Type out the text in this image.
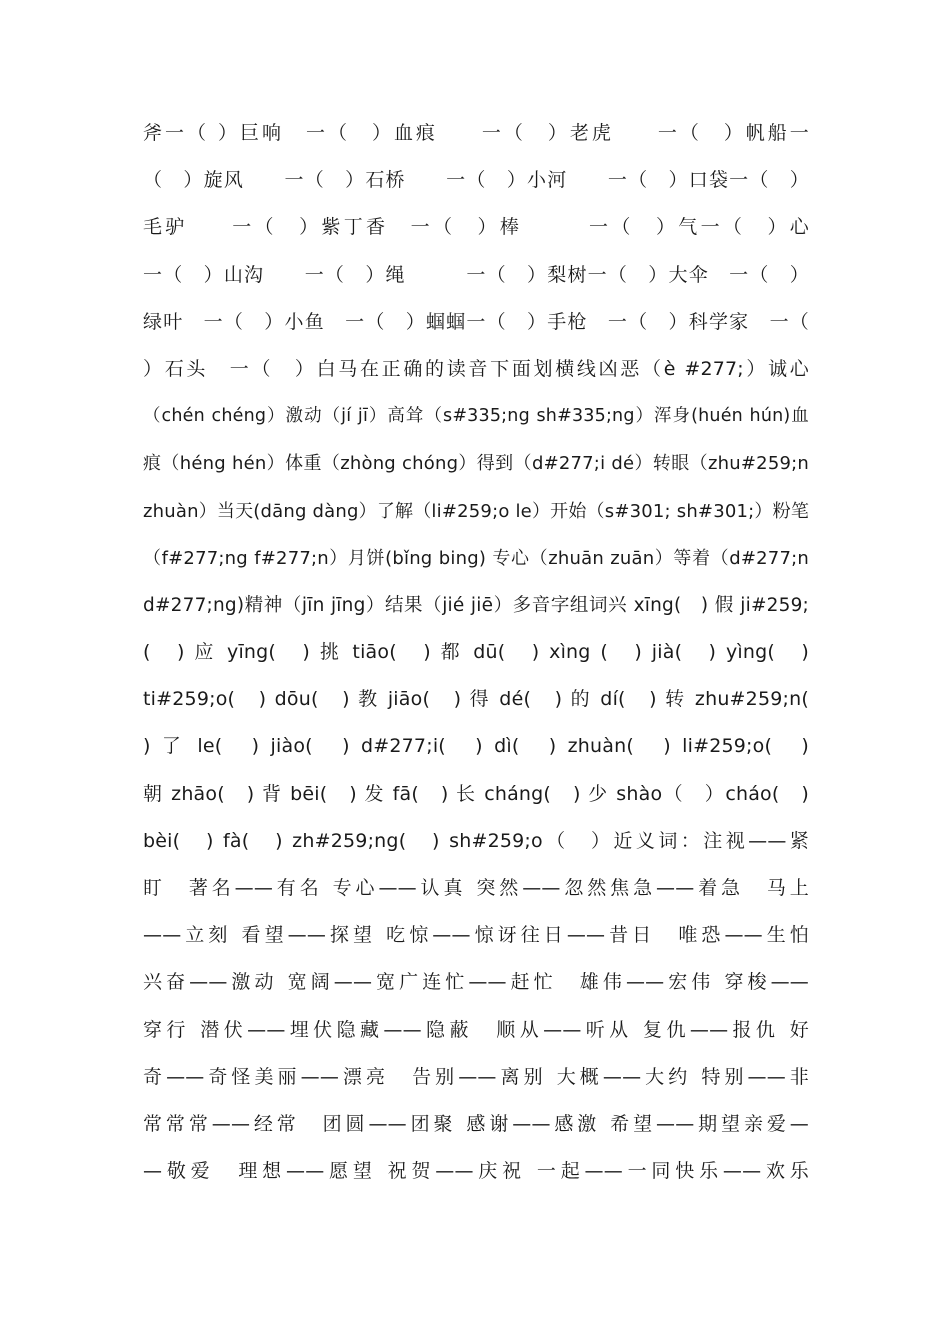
斧一（ ）巨响　一（　）血痕　　一（　）老虎　　一（　）帆船一
（　）旋风　　一（　）石桥　　一（　）小河　　一（　）口袋一（　）
毛驴　　一（　）紫丁香　一（　）棒　　　一（　）气一（　）心
一（　）山沟　　一（　）绳　　　一（　）梨树一（　）大伞　一（　）
绿叶　一（　）小鱼　一（　）蝈蝈一（　）手枪　一（　）科学家　一（
）石头　一（　）白马在正确的读音下面划横线凶恶（è #277;）诚心
（chén chéng）激动（jí jī）高耸（s#335;ng sh#335;ng）浑身(huén hún)血
痕（héng hén）体重（zhòng chóng）得到（d#277;i dé）转眼（zhu#259;n
zhuàn）当天(dāng dàng）了解（li#259;o le）开始（s#301; sh#301;）粉笔
（f#277;ng f#277;n）月饼(bǐng bing) 专心（zhuān zuān）等着（d#277;n
d#277;ng)精神（jīn jīng）结果（jié jiē）多音字组词兴 xīng(　) 假 ji#259;
(　) 应 yīng(　) 挑 tiāo(　) 都 dū(　) xìng (　) jià(　) yìng(　)
ti#259;o(　) dōu(　) 教 jiāo(　) 得 dé(　) 的 dí(　) 转 zhu#259;n(
) 了 le(　) jiào(　) d#277;i(　) dì(　) zhuàn(　) li#259;o(　)
朝 zhāo(　) 背 bēi(　) 发 fā(　) 长 cháng(　) 少 shào（　）cháo(　)
bèi(　) fà(　) zh#259;ng(　) sh#259;o（　）近义词：注视——紧
盯　著名——有名 专心——认真 突然——忽然焦急——着急　马上
——立刻 看望——探望 吃惊——惊讶往日——昔日　唯恐——生怕
兴奋——激动 宽阔——宽广连忙——赶忙　雄伟——宏伟 穿梭——
穿行 潜伏——埋伏隐藏——隐蔽　顺从——听从 复仇——报仇 好
奇——奇怪美丽——漂亮　告别——离别 大概——大约 特别——非
常常常——经常　团圆——团聚 感谢——感激 希望——期望亲爱—
—敬爱　理想——愿望 祝贺——庆祝 一起——一同快乐——欢乐
